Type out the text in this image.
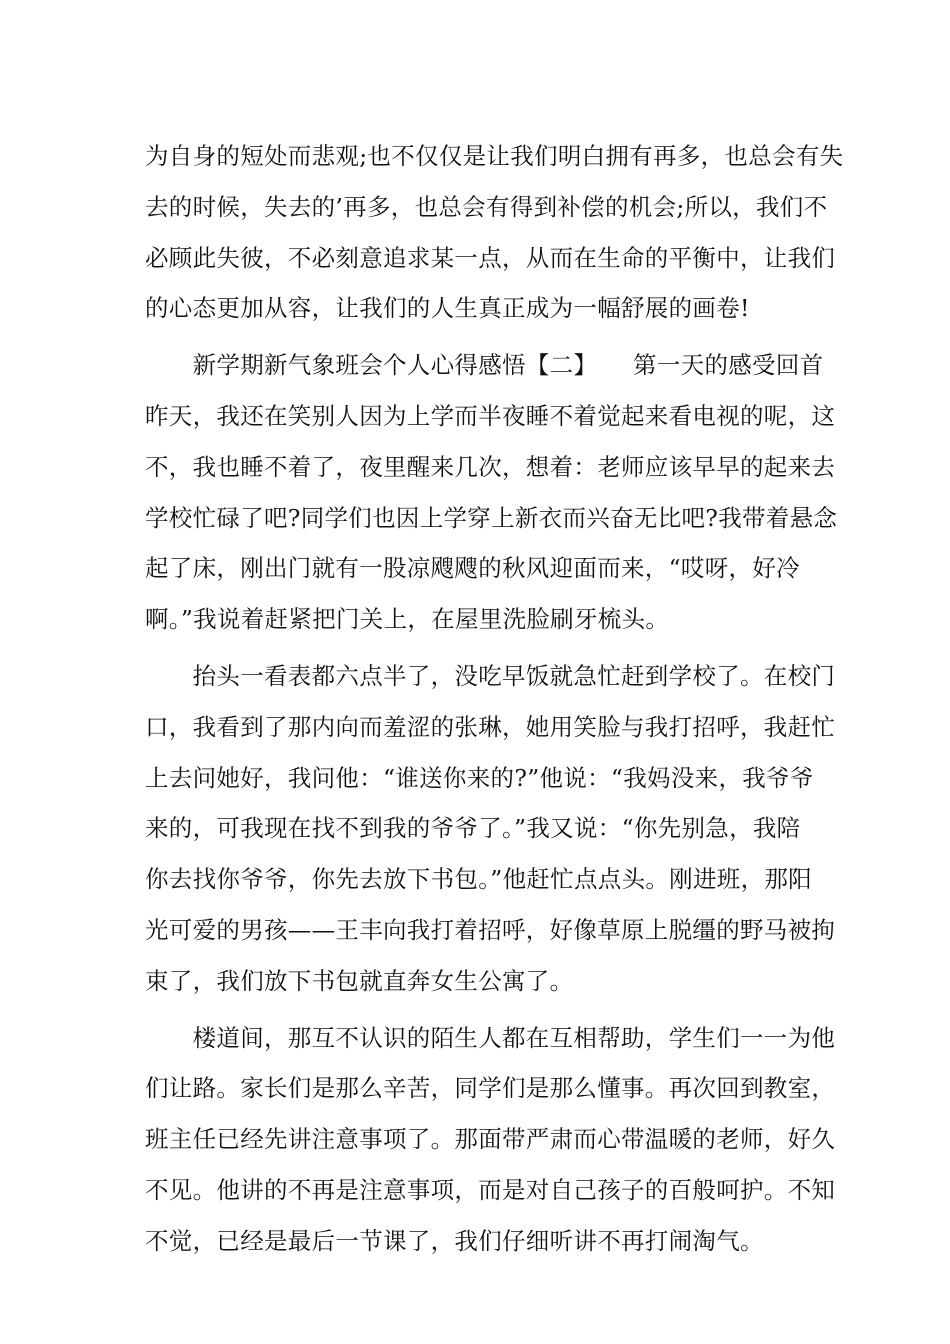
为自身的短处而悲观;也不仅仅是让我们明白拥有再多，也总会有失
去的时候，失去的’再多，也总会有得到补偿的机会;所以，我们不
必顾此失彼，不必刻意追求某一点，从而在生命的平衡中，让我们
的心态更加从容，让我们的人生真正成为一幅舒展的画卷!
　　新学期新气象班会个人心得感悟【二】　　第一天的感受回首
昨天，我还在笑别人因为上学而半夜睡不着觉起来看电视的呢，这
不，我也睡不着了，夜里醒来几次，想着：老师应该早早的起来去
学校忙碌了吧?同学们也因上学穿上新衣而兴奋无比吧?我带着悬念
起了床，刚出门就有一股凉飕飕的秋风迎面而来，“哎呀，好冷
啊。”我说着赶紧把门关上，在屋里洗脸刷牙梳头。
　　抬头一看表都六点半了，没吃早饭就急忙赶到学校了。在校门
口，我看到了那内向而羞涩的张琳，她用笑脸与我打招呼，我赶忙
上去问她好，我问他：“谁送你来的?”他说：“我妈没来，我爷爷
来的，可我现在找不到我的爷爷了。”我又说：“你先别急，我陪
你去找你爷爷，你先去放下书包。”他赶忙点点头。刚进班，那阳
光可爱的男孩——王丰向我打着招呼，好像草原上脱缰的野马被拘
束了，我们放下书包就直奔女生公寓了。
　　楼道间，那互不认识的陌生人都在互相帮助，学生们一一为他
们让路。家长们是那么辛苦，同学们是那么懂事。再次回到教室，
班主任已经先讲注意事项了。那面带严肃而心带温暖的老师，好久
不见。他讲的不再是注意事项，而是对自己孩子的百般呵护。不知
不觉，已经是最后一节课了，我们仔细听讲不再打闹淘气。
